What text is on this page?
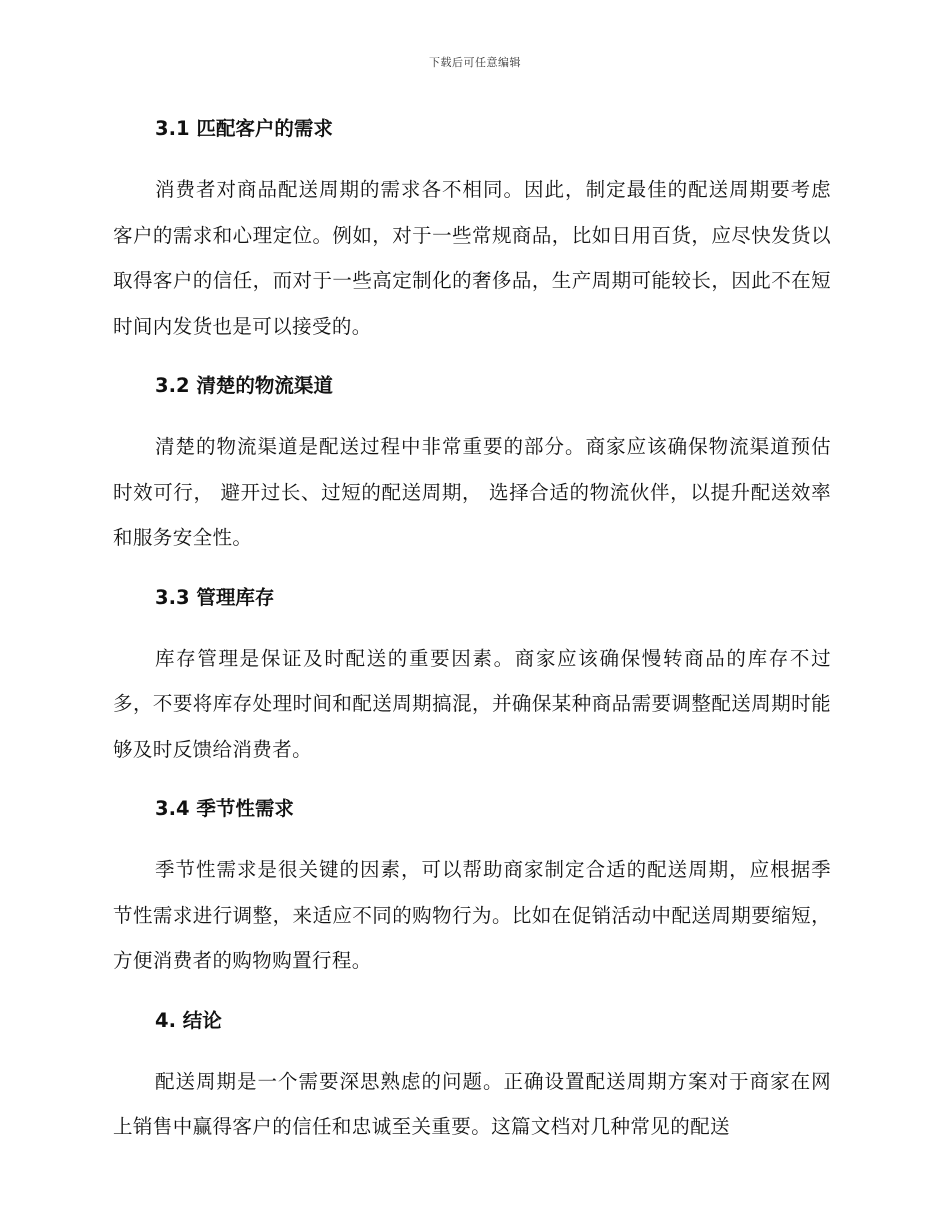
下载后可任意编辑
3.1 匹配客户的需求

消费者对商品配送周期的需求各不相同。因此，制定最佳的配送周期要考虑客户的需求和心理定位。例如，对于一些常规商品，比如日用百货，应尽快发货以取得客户的信任，而对于一些高定制化的奢侈品，生产周期可能较长，因此不在短时间内发货也是可以接受的。

3.2 清楚的物流渠道

清楚的物流渠道是配送过程中非常重要的部分。商家应该确保物流渠道预估时效可行， 避开过长、过短的配送周期， 选择合适的物流伙伴，以提升配送效率和服务安全性。

3.3 管理库存

库存管理是保证及时配送的重要因素。商家应该确保慢转商品的库存不过多，不要将库存处理时间和配送周期搞混，并确保某种商品需要调整配送周期时能够及时反馈给消费者。

3.4 季节性需求

季节性需求是很关键的因素，可以帮助商家制定合适的配送周期，应根据季节性需求进行调整，来适应不同的购物行为。比如在促销活动中配送周期要缩短，方便消费者的购物购置行程。

4. 结论

配送周期是一个需要深思熟虑的问题。正确设置配送周期方案对于商家在网上销售中赢得客户的信任和忠诚至关重要。这篇文档对几种常见的配送
